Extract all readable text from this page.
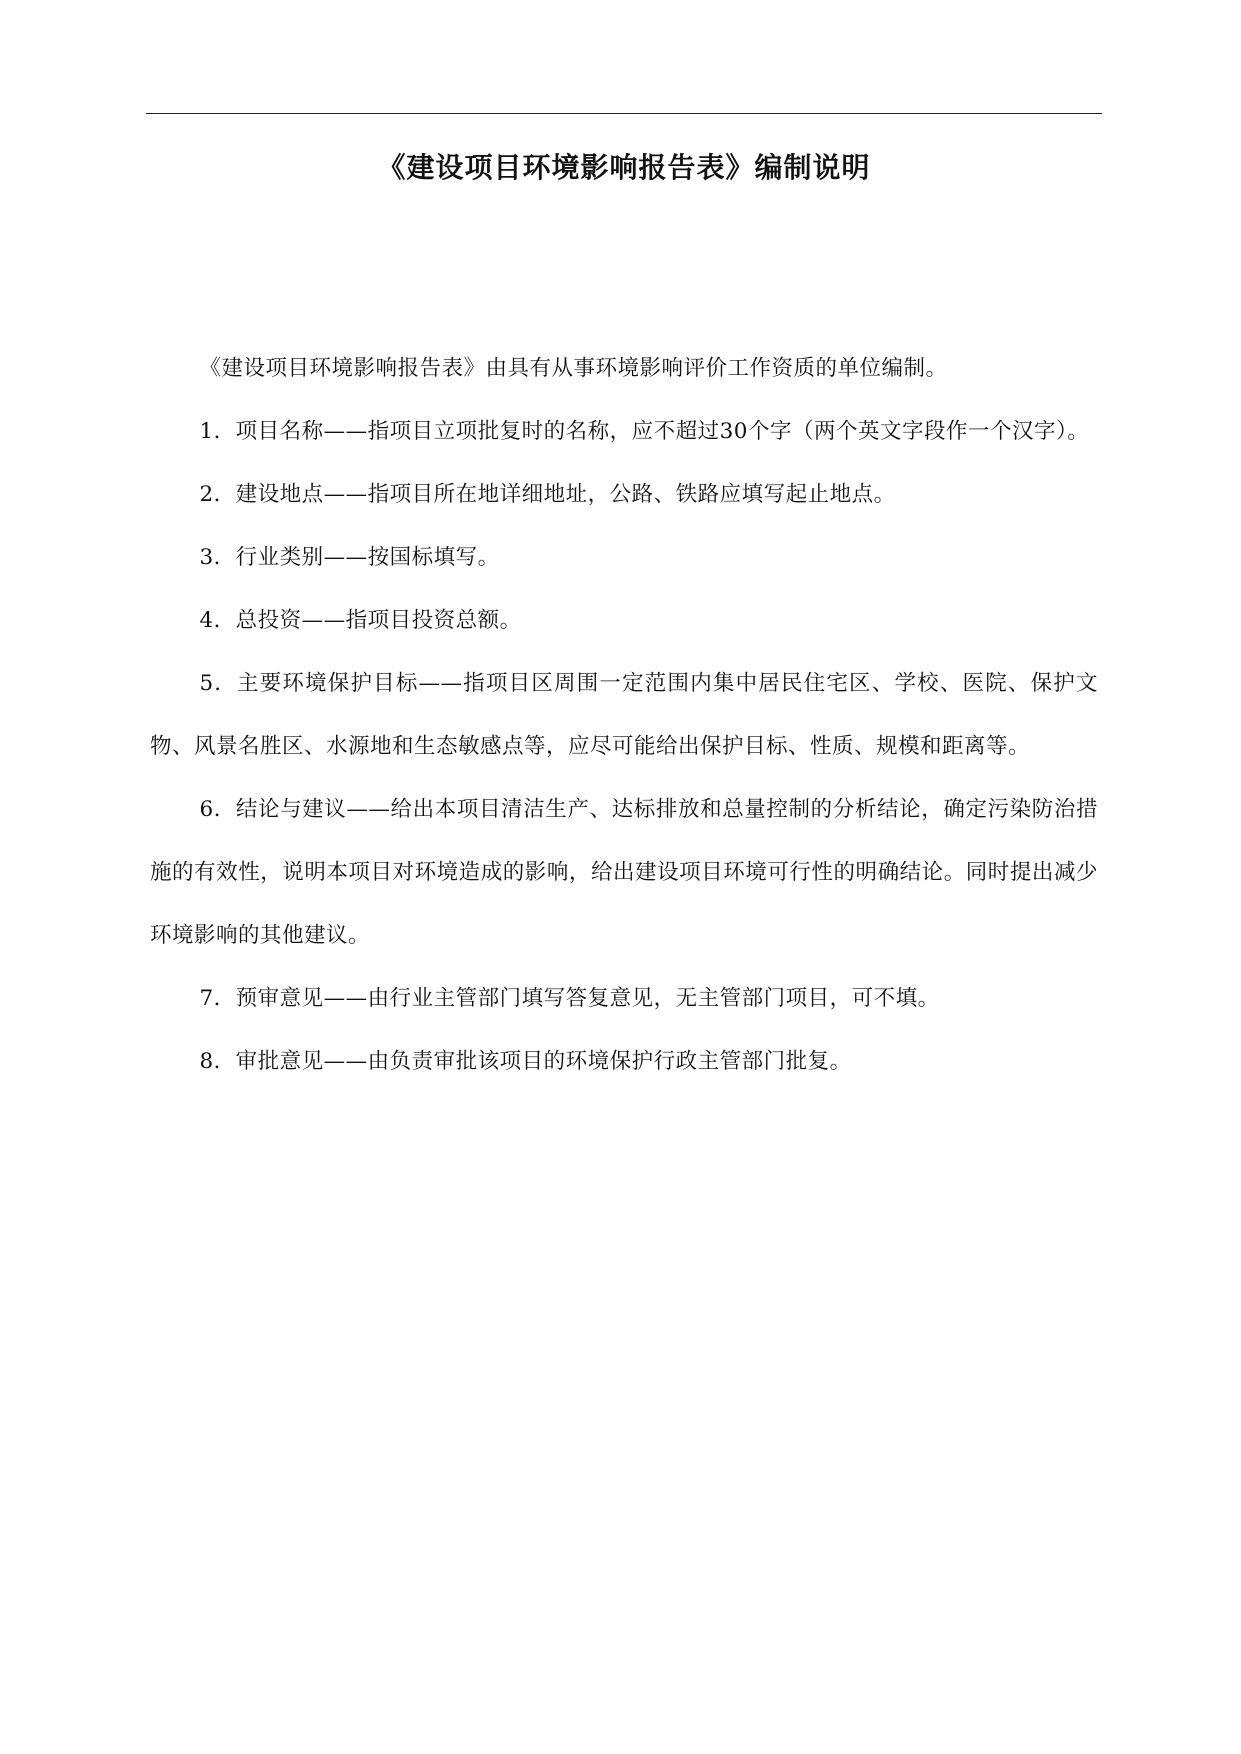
《建设项目环境影响报告表》编制说明

《建设项目环境影响报告表》由具有从事环境影响评价工作资质的单位编制。

1．项目名称——指项目立项批复时的名称，应不超过30个字（两个英文字段作一个汉字）。

2．建设地点——指项目所在地详细地址，公路、铁路应填写起止地点。

3．行业类别——按国标填写。

4．总投资——指项目投资总额。

5．主要环境保护目标——指项目区周围一定范围内集中居民住宅区、学校、医院、保护文物、风景名胜区、水源地和生态敏感点等，应尽可能给出保护目标、性质、规模和距离等。

6．结论与建议——给出本项目清洁生产、达标排放和总量控制的分析结论，确定污染防治措施的有效性，说明本项目对环境造成的影响，给出建设项目环境可行性的明确结论。同时提出减少环境影响的其他建议。

7．预审意见——由行业主管部门填写答复意见，无主管部门项目，可不填。

8．审批意见——由负责审批该项目的环境保护行政主管部门批复。
